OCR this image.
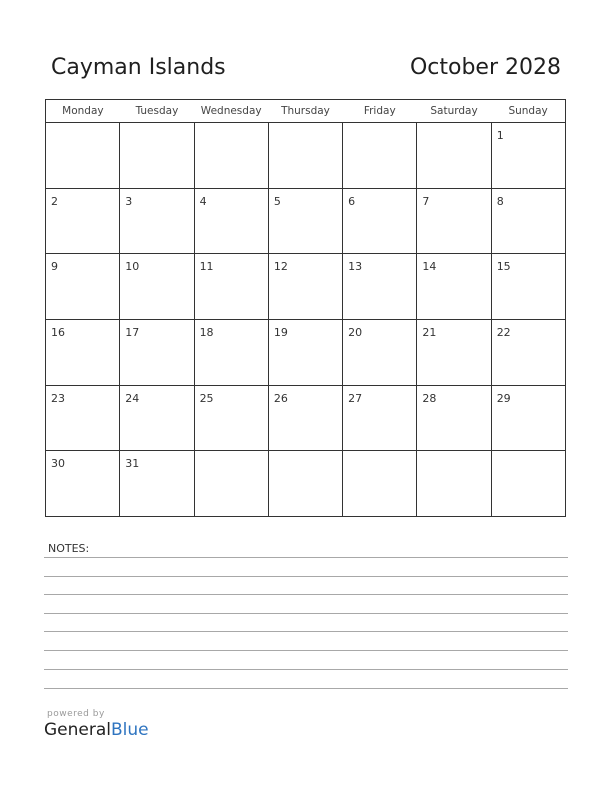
Cayman Islands	October 2028
Monday	Tuesday	Wednesday	Thursday	Friday	Saturday	Sunday
						1
2	3	4	5	6	7	8
9	10	11	12	13	14	15
16	17	18	19	20	21	22
23	24	25	26	27	28	29
30	31					
NOTES:
powered by
GeneralBlue
